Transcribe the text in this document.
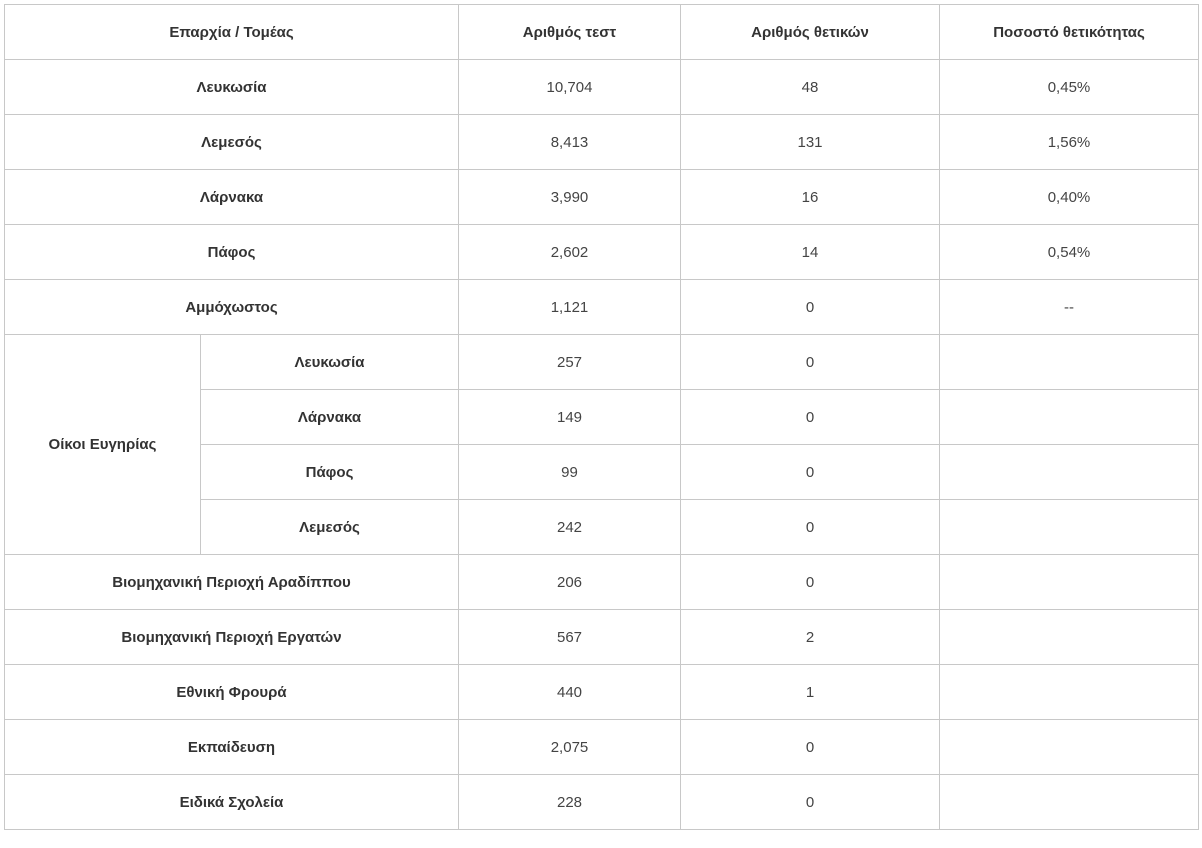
Επαρχία / Τομέας		Αριθμός τεστ	Αριθμός θετικών	Ποσοστό θετικότητας
Λευκωσία		10,704	48	0,45%
Λεμεσός		8,413	131	1,56%
Λάρνακα		3,990	16	0,40%
Πάφος		2,602	14	0,54%
Αμμόχωστος		1,121	0	--
Οίκοι Ευγηρίας	Λευκωσία	257	0	
	Λάρνακα	149	0	
	Πάφος	99	0	
	Λεμεσός	242	0	
Βιομηχανική Περιοχή Αραδίππου		206	0	
Βιομηχανική Περιοχή Εργατών		567	2	
Εθνική Φρουρά		440	1	
Εκπαίδευση		2,075	0	
Ειδικά Σχολεία		228	0	
